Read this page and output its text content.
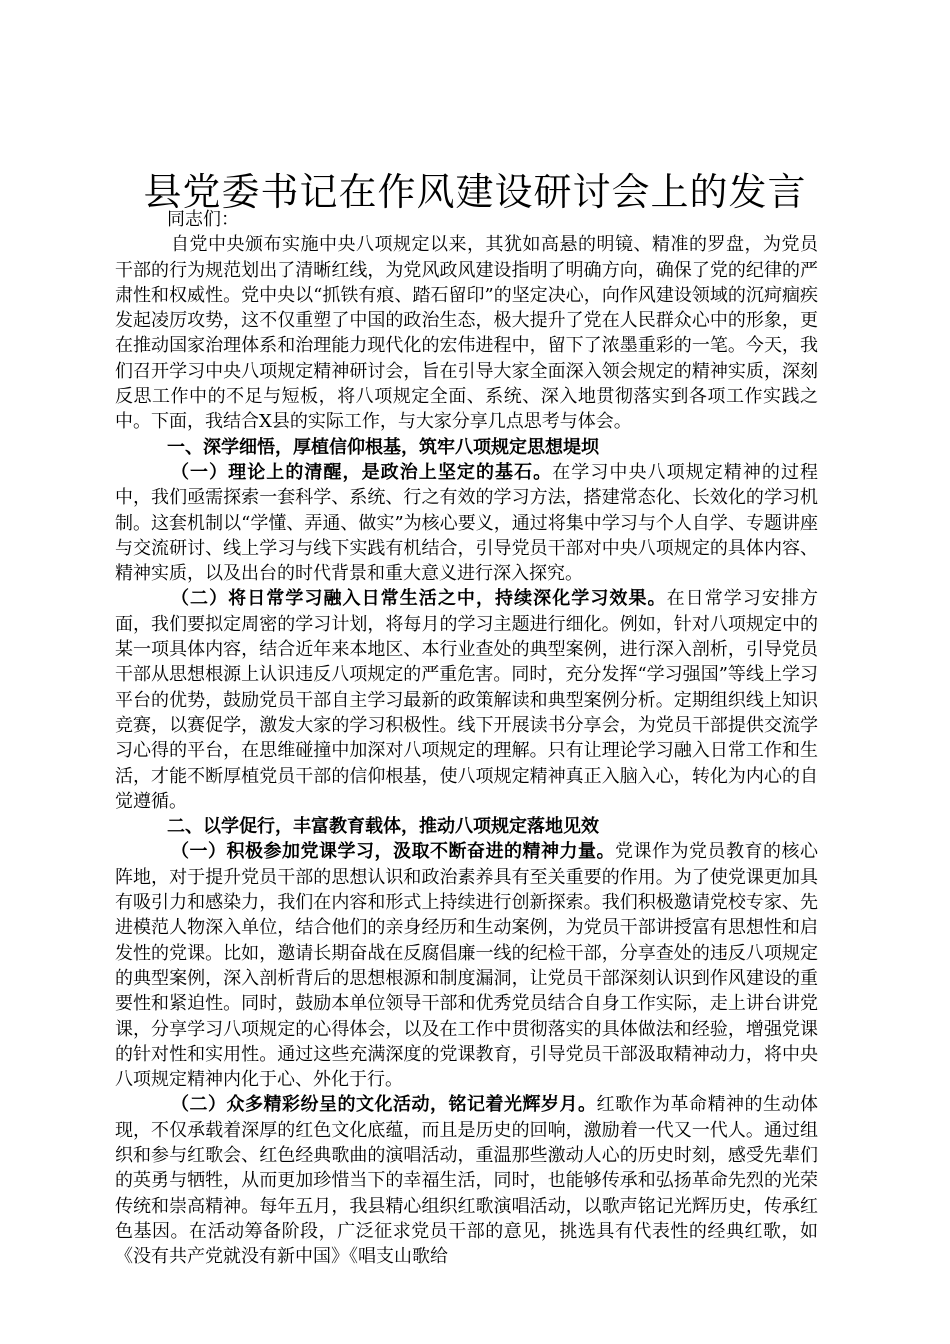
县党委书记在作风建设研讨会上的发言

同志们：

自党中央颁布实施中央八项规定以来，其犹如高悬的明镜、精准的罗盘，为党员干部的行为规范划出了清晰红线，为党风政风建设指明了明确方向，确保了党的纪律的严肃性和权威性。党中央以“抓铁有痕、踏石留印”的坚定决心，向作风建设领域的沉疴痼疾发起凌厉攻势，这不仅重塑了中国的政治生态，极大提升了党在人民群众心中的形象，更在推动国家治理体系和治理能力现代化的宏伟进程中，留下了浓墨重彩的一笔。今天，我们召开学习中央八项规定精神研讨会，旨在引导大家全面深入领会规定的精神实质，深刻反思工作中的不足与短板，将八项规定全面、系统、深入地贯彻落实到各项工作实践之中。下面，我结合X县的实际工作，与大家分享几点思考与体会。

一、深学细悟，厚植信仰根基，筑牢八项规定思想堤坝

（一）理论上的清醒，是政治上坚定的基石。在学习中央八项规定精神的过程中，我们亟需探索一套科学、系统、行之有效的学习方法，搭建常态化、长效化的学习机制。这套机制以“学懂、弄通、做实”为核心要义，通过将集中学习与个人自学、专题讲座与交流研讨、线上学习与线下实践有机结合，引导党员干部对中央八项规定的具体内容、精神实质，以及出台的时代背景和重大意义进行深入探究。

（二）将日常学习融入日常生活之中，持续深化学习效果。在日常学习安排方面，我们要拟定周密的学习计划，将每月的学习主题进行细化。例如，针对八项规定中的某一项具体内容，结合近年来本地区、本行业查处的典型案例，进行深入剖析，引导党员干部从思想根源上认识违反八项规定的严重危害。同时，充分发挥“学习强国”等线上学习平台的优势，鼓励党员干部自主学习最新的政策解读和典型案例分析。定期组织线上知识竞赛，以赛促学，激发大家的学习积极性。线下开展读书分享会，为党员干部提供交流学习心得的平台，在思维碰撞中加深对八项规定的理解。只有让理论学习融入日常工作和生活，才能不断厚植党员干部的信仰根基，使八项规定精神真正入脑入心，转化为内心的自觉遵循。

二、以学促行，丰富教育载体，推动八项规定落地见效

（一）积极参加党课学习，汲取不断奋进的精神力量。党课作为党员教育的核心阵地，对于提升党员干部的思想认识和政治素养具有至关重要的作用。为了使党课更加具有吸引力和感染力，我们在内容和形式上持续进行创新探索。我们积极邀请党校专家、先进模范人物深入单位，结合他们的亲身经历和生动案例，为党员干部讲授富有思想性和启发性的党课。比如，邀请长期奋战在反腐倡廉一线的纪检干部，分享查处的违反八项规定的典型案例，深入剖析背后的思想根源和制度漏洞，让党员干部深刻认识到作风建设的重要性和紧迫性。同时，鼓励本单位领导干部和优秀党员结合自身工作实际，走上讲台讲党课，分享学习八项规定的心得体会，以及在工作中贯彻落实的具体做法和经验，增强党课的针对性和实用性。通过这些充满深度的党课教育，引导党员干部汲取精神动力，将中央八项规定精神内化于心、外化于行。

（二）众多精彩纷呈的文化活动，铭记着光辉岁月。红歌作为革命精神的生动体现，不仅承载着深厚的红色文化底蕴，而且是历史的回响，激励着一代又一代人。通过组织和参与红歌会、红色经典歌曲的演唱活动，重温那些激动人心的历史时刻，感受先辈们的英勇与牺牲，从而更加珍惜当下的幸福生活，同时，也能够传承和弘扬革命先烈的光荣传统和崇高精神。每年五月，我县精心组织红歌演唱活动，以歌声铭记光辉历史，传承红色基因。在活动筹备阶段，广泛征求党员干部的意见，挑选具有代表性的经典红歌，如《没有共产党就没有新中国》《唱支山歌给
